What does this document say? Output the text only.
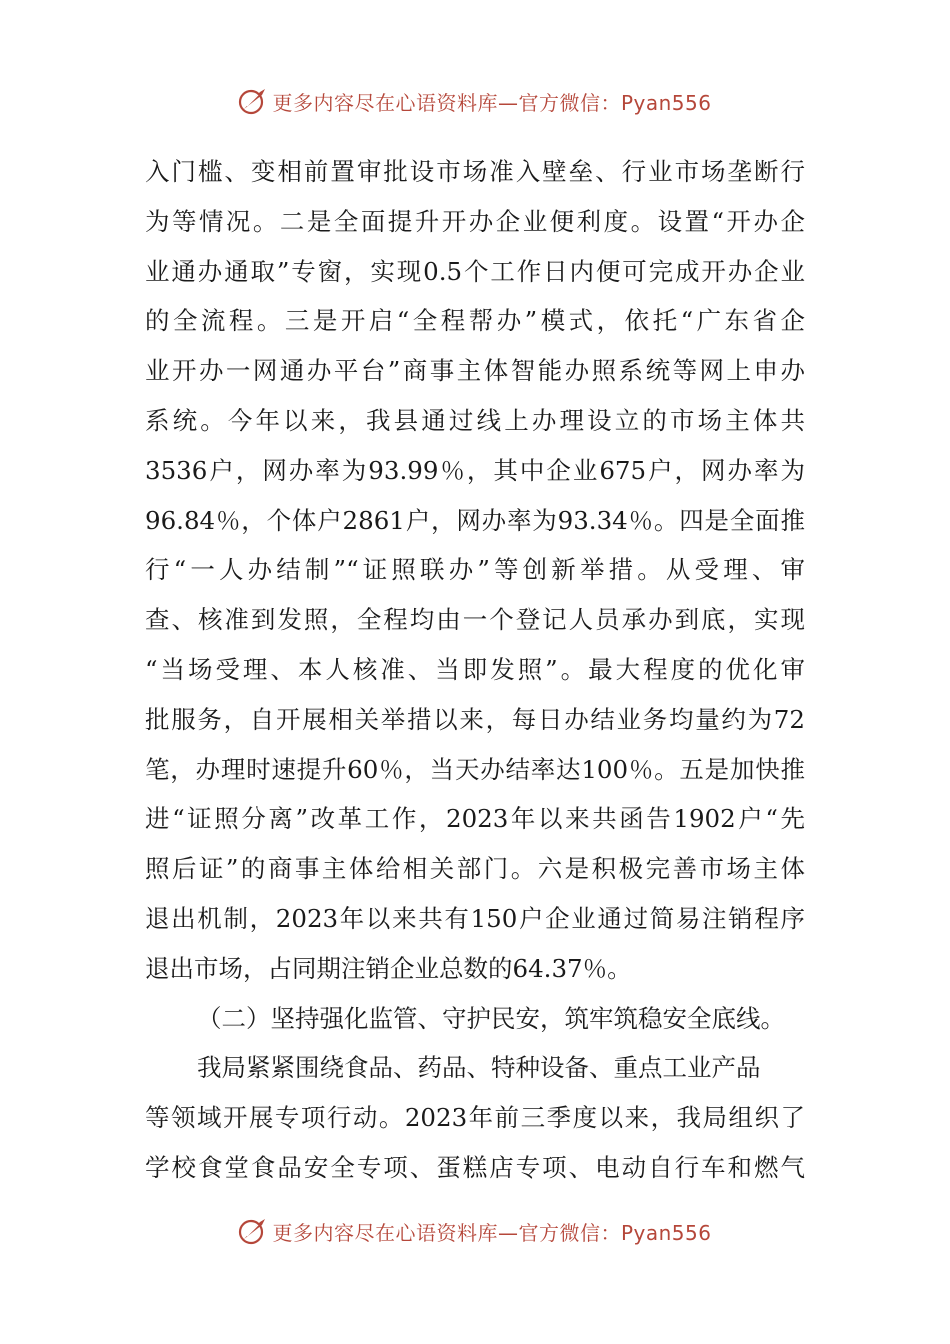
更多内容尽在心语资料库—官方微信：Pyan556
入门槛、变相前置审批设市场准入壁垒、行业市场垄断行
为等情况。二是全面提升开办企业便利度。设置“开办企
业通办通取”专窗，实现0.5个工作日内便可完成开办企业
的全流程。三是开启“全程帮办”模式，依托“广东省企
业开办一网通办平台”商事主体智能办照系统等网上申办
系统。今年以来，我县通过线上办理设立的市场主体共
3536户，网办率为93.99％，其中企业675户，网办率为
96.84％，个体户2861户，网办率为93.34％。四是全面推
行“一人办结制”“证照联办”等创新举措。从受理、审
查、核准到发照，全程均由一个登记人员承办到底，实现
“当场受理、本人核准、当即发照”。最大程度的优化审
批服务，自开展相关举措以来，每日办结业务均量约为72
笔，办理时速提升60％，当天办结率达100％。五是加快推
进“证照分离”改革工作，2023年以来共函告1902户“先
照后证”的商事主体给相关部门。六是积极完善市场主体
退出机制，2023年以来共有150户企业通过简易注销程序
退出市场，占同期注销企业总数的64.37％。
（二）坚持强化监管、守护民安，筑牢筑稳安全底线。
我局紧紧围绕食品、药品、特种设备、重点工业产品
等领域开展专项行动。2023年前三季度以来，我局组织了
学校食堂食品安全专项、蛋糕店专项、电动自行车和燃气
更多内容尽在心语资料库—官方微信：Pyan556
